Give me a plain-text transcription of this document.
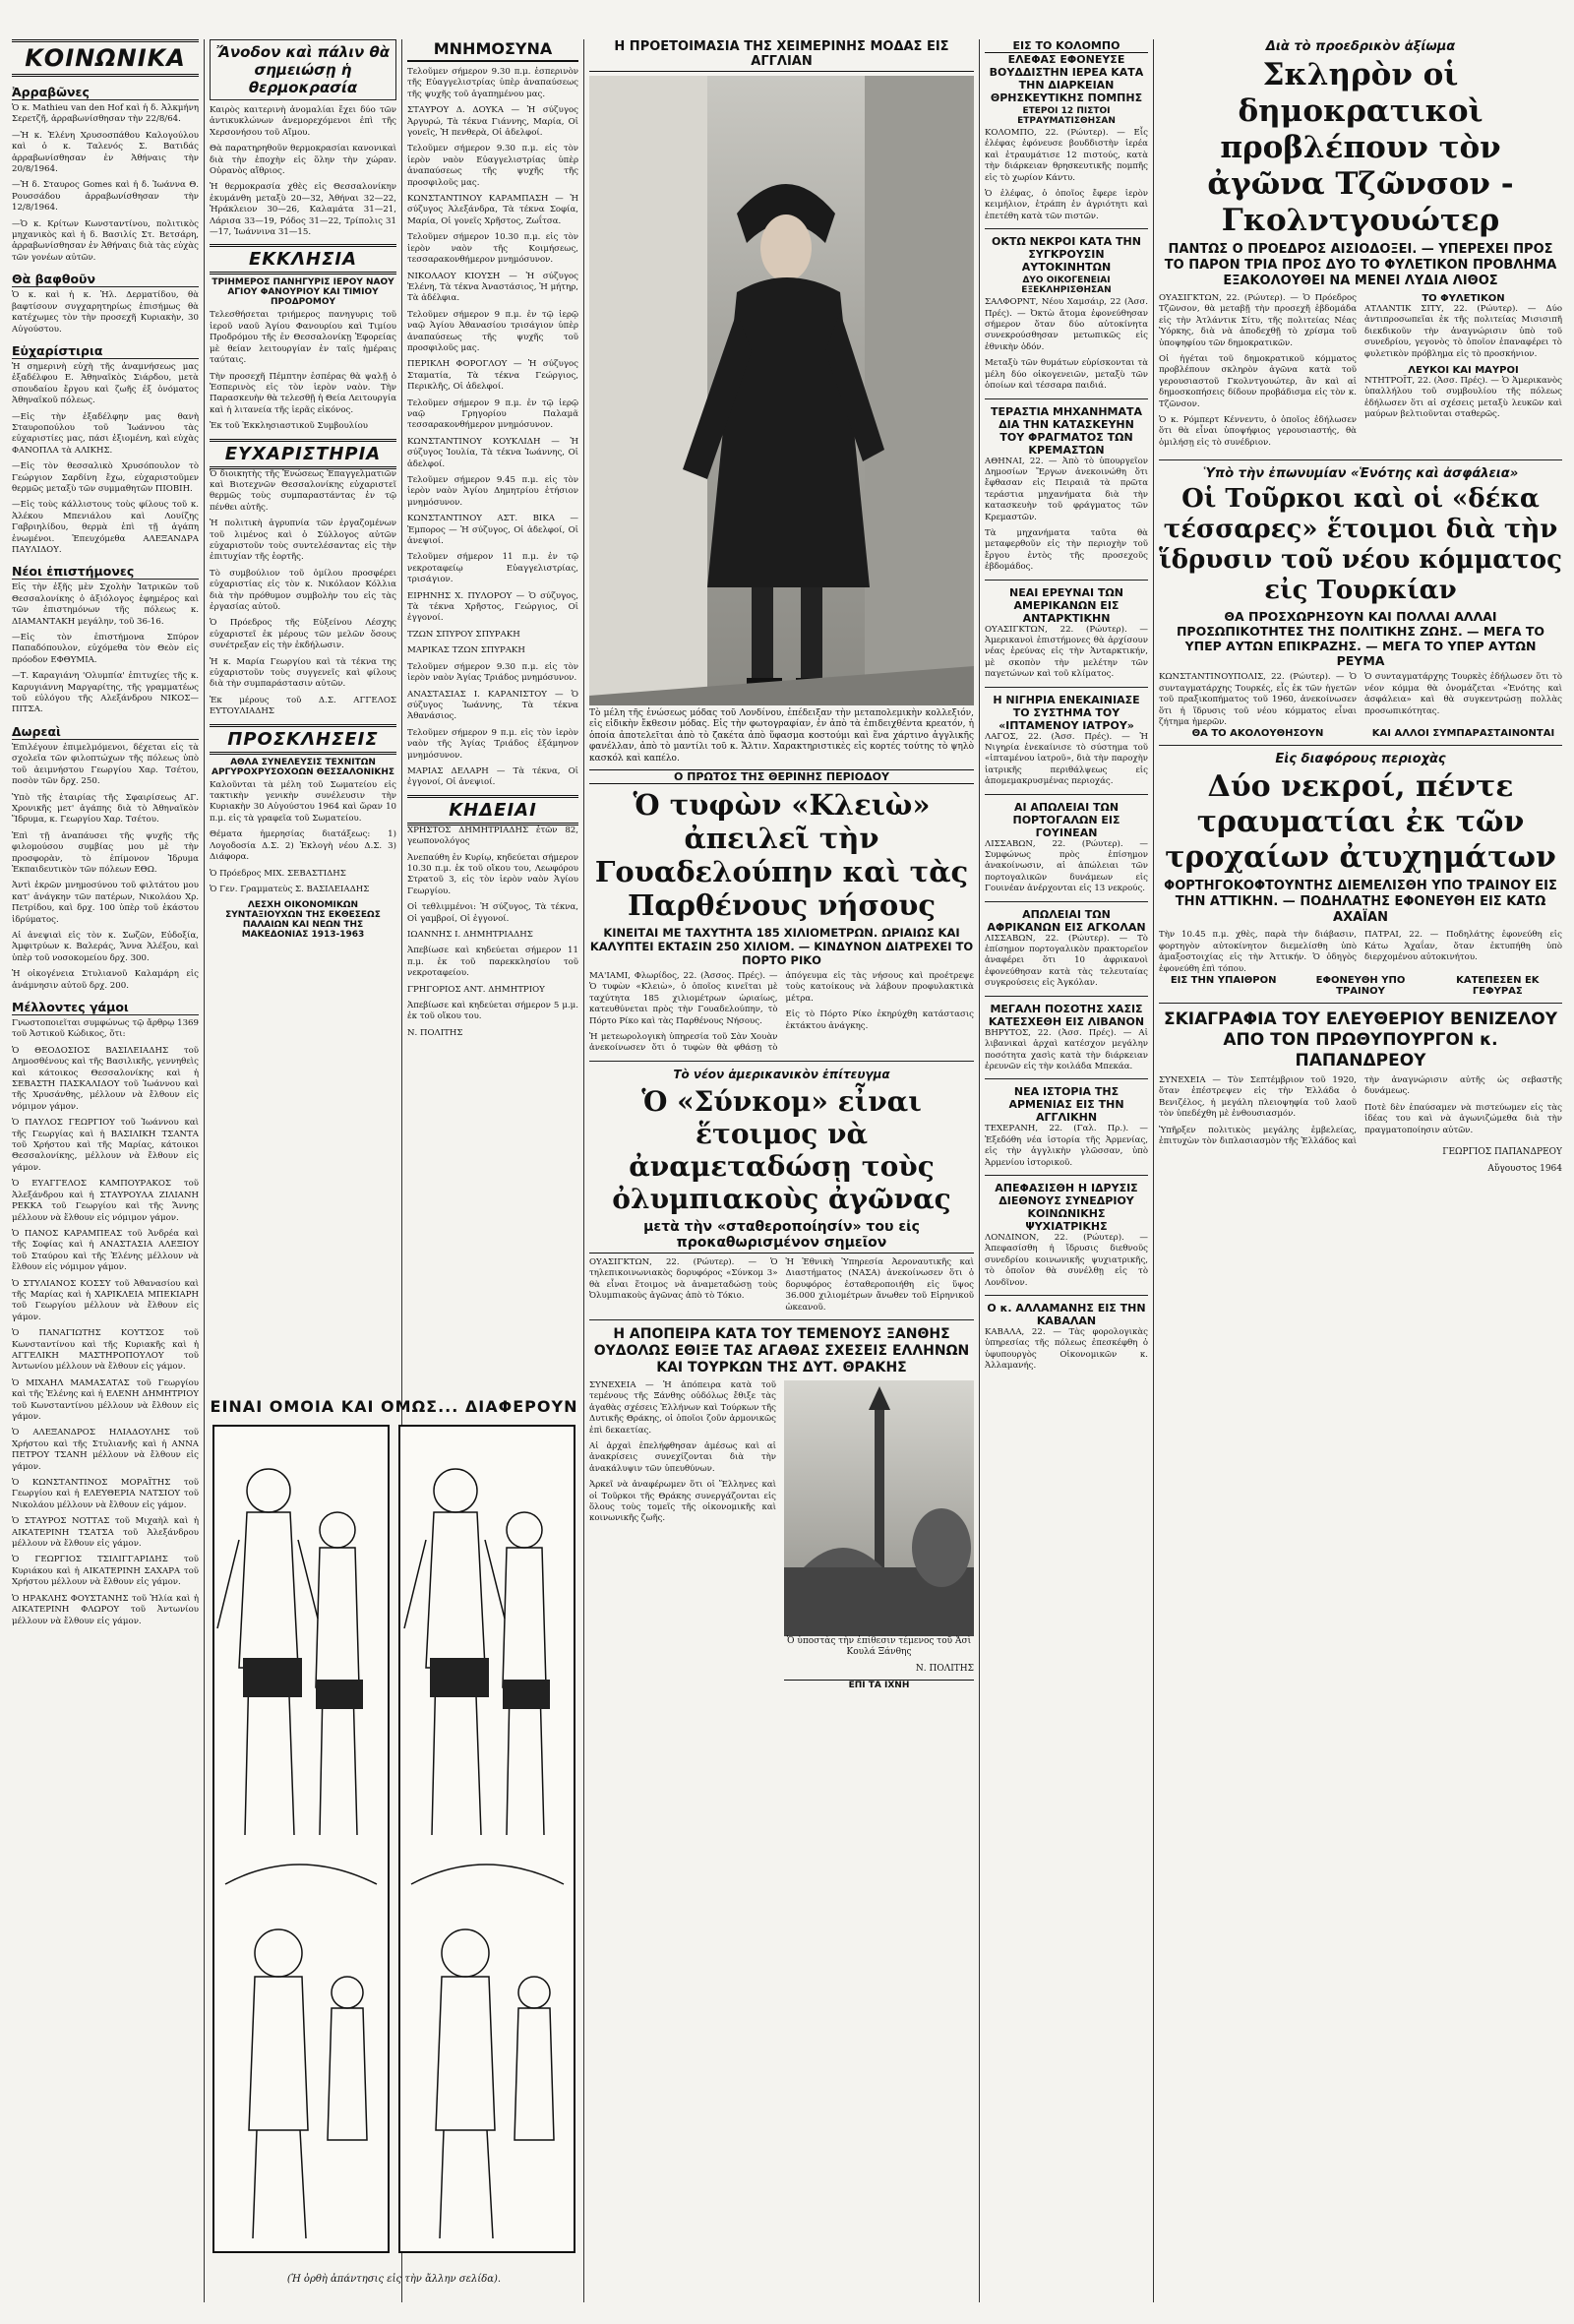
ΚΟΙΝΩΝΙΚΑ
Ἀρραβῶνες

Ὁ κ. Mathieu van den Hof καὶ ἡ δ. Ἀλκμήνη Σερετζῆ, ἀρραβωνίσθησαν τὴν 22/8/64.

—Ἡ κ. Ἑλένη Χρυσοσπάθου Καλογούλου καὶ ὁ κ. Ταλενός Σ. Βατιδάς ἀρραβωνίσθησαν ἐν Ἀθήναις τὴν 20/8/1964.

—Ἡ δ. Σταυρος Gomes καὶ ἡ δ. Ἰωάννα Θ. Ρουσσάδου ἀρραβωνίσθησαν τὴν 12/8/1964.

—Ὁ κ. Κρίτων Κωνσταντίνου, πολιτικὸς μηχανικὸς καὶ ἡ δ. Βασιλίς Στ. Βετσάρη, ἀρραβωνίσθησαν ἐν Ἀθήναις διὰ τὰς εὐχὰς τῶν γονέων αὐτῶν.

Θὰ βαφθοῦν

Ὁ κ. καὶ ἡ κ. Ἠλ. Δερματίδου, θὰ βαφτίσουν συγχαρητηρίως ἐπισήμως θὰ κατέχωμες τὸν τὴν προσεχῆ Κυριακὴν, 30 Αὐγούστου.

Εὐχαρίστιρια

Ἡ σημερινὴ εὐχὴ τῆς ἀναμνήσεως μας ἐξαδέλφου Ε. Ἀθηναϊκὸς Σιάρδου, μετὰ σπουδαίου ἔργου καὶ ζωῆς ἐξ ὀνόματος Ἀθηναϊκοῦ πόλεως.

—Εἰς τὴν ἐξαδέλφην μας θανὴ Σταυροπούλου τοῦ Ἰωάννου τὰς εὐχαριστίες μας, πάσι ἐξιομένη, καὶ εὐχὰς ΦΑΝΟΠΛΑ τὰ ΑΛΙΚΗΣ.

—Εἰς τὸν θεσσαλικὸ Χρυσόπουλον τὸ Γεώργιον Σαρδίνη ἔχω, εὐχαριστοῦμεν θερμῶς μεταξὺ τῶν συμμαθητῶν ΠΙΟΒΙΗ.

—Εἰς τοὺς κάλλιστους τοὺς φίλους τοῦ κ. Ἀλέκου Μπενιάλου καὶ Λουίζης Γαβριηλίδου, θερμὰ ἐπὶ τῇ ἀγάπη ἑνωμένοι. Ἐπευχόμεθα ΑΛΕΞΑΝΔΡΑ ΠΑΥΛΙΔΟΥ.

Νέοι ἐπιστήμονες

Εἰς τὴν ἐξῆς μὲν Σχολὴν Ἰατρικῶν τοῦ Θεσσαλονίκης ὁ ἀξιόλογος ἐφημέρος καὶ τῶν ἐπιστημόνων τῆς πόλεως κ. ΔΙΑΜΑΝΤΑΚΗ μεγάλην, τοῦ 36-16.

—Εἰς τὸν ἐπιστήμονα Σπύρον Παπαδόπουλον, εὐχόμεθα τὸν Θεὸν εἰς πρόοδον ΕΦΘΥΜΙΑ.

—Τ. Καραγιάνη 'Ολυμπία' ἐπιτυχίες τῆς κ. Καρυγιάννη Μαργαρίτης, τῆς γραμματέως τοῦ εὐλόγου τῆς Αλεξάνδρου ΝΙΚΟΣ—ΠΙΤΣΑ.

Δωρεαὶ

Ἐπιλέγουν ἐπιμελμόμενοι, δέχεται εἰς τὰ σχολεῖα τῶν φιλοπτώχων τῆς πόλεως ὑπὸ τοῦ ἀειμνήστου Γεωργίου Χαρ. Τσέτου, ποσὸν τῶν δρχ. 250.

Ὑπὸ τῆς ἑταιρίας τῆς Σφαιρίσεως ΑΓ. Χρονικῆς μετ' ἀγάπης διὰ τὸ Ἀθηναϊκὸν Ἵδρυμα, κ. Γεωργίου Χαρ. Τσέτου.

Ἐπὶ τῇ ἀναπάυσει τῆς ψυχῆς τῆς φιλομούσου συμβίας μου μὲ τὴν προσφορὰν, τὸ ἐπίμονον Ἰδρυμα Ἐκπαιδευτικὸν τῶν πόλεων ΕΘΩ.

Ἀντὶ ἐκρῶν μνημοσύνου τοῦ φιλτάτου μου κατ' ἀνάγκην τῶν πατέρων, Νικολάου Χρ. Πετρίδου, καὶ δρχ. 100 ὑπὲρ τοῦ ἑκάστου ἰδρύματος.

Αἱ ἀνεψιαὶ εἰς τὸν κ. Σωζῶν, Εὐδοξία, Ἀμφιτρύων κ. Βαλεράς, Ἄννα Ἀλέξου, καὶ ὑπὲρ τοῦ νοσοκομείου δρχ. 300.

Ἡ οἰκογένεια Στυλιανοῦ Καλαμάρη εἰς ἀνάμνησιν αὐτοῦ δρχ. 200.

Μέλλοντες γάμοι

Γνωστοποιεῖται συμφώνως τῷ ἄρθρῳ 1369 τοῦ Ἀστικοῦ Κώδικος, ὅτι:

Ὁ ΘΕΟΔΟΣΙΟΣ ΒΑΣΙΛΕΙΑΔΗΣ τοῦ Δημοσθένους καὶ τῆς Βασιλικῆς, γεννηθεὶς καὶ κάτοικος Θεσσαλονίκης καὶ ἡ ΣΕΒΑΣΤΗ ΠΑΣΚΑΛΙΔΟΥ τοῦ Ἰωάννου καὶ τῆς Χρυσάνθης, μέλλουν νὰ ἔλθουν εἰς νόμιμον γάμον.

Ὁ ΠΑΥΛΟΣ ΓΕΩΡΓΙΟΥ τοῦ Ἰωάννου καὶ τῆς Γεωργίας καὶ ἡ ΒΑΣΙΛΙΚΗ ΤΣΑΝΤΑ τοῦ Χρήστου καὶ τῆς Μαρίας, κάτοικοι Θεσσαλονίκης, μέλλουν νὰ ἔλθουν εἰς γάμον.

Ὁ ΕΥΑΓΓΕΛΟΣ ΚΑΜΠΟΥΡΑΚΟΣ τοῦ Ἀλεξάνδρου καὶ ἡ ΣΤΑΥΡΟΥΛΑ ΖΙΛΙΑΝΗ ΡΕΚΚΑ τοῦ Γεωργίου καὶ τῆς Ἄννης μέλλουν νὰ ἔλθουν εἰς νόμιμον γάμον.

Ὁ ΠΑΝΟΣ ΚΑΡΑΜΠΕΑΣ τοῦ Ἀνδρέα καὶ τῆς Σοφίας καὶ ἡ ΑΝΑΣΤΑΣΙΑ ΑΛΕΞΙΟΥ τοῦ Σταύρου καὶ τῆς Ἑλένης μέλλουν νὰ ἔλθουν εἰς νόμιμον γάμον.

Ὁ ΣΤΥΛΙΑΝΟΣ ΚΟΣΣΥ τοῦ Ἀθανασίου καὶ τῆς Μαρίας καὶ ἡ ΧΑΡΙΚΛΕΙΑ ΜΠΕΚΙΑΡΗ τοῦ Γεωργίου μέλλουν νὰ ἔλθουν εἰς γάμον.

Ὁ ΠΑΝΑΓΙΩΤΗΣ ΚΟΥΤΣΟΣ τοῦ Κωνσταντίνου καὶ τῆς Κυριακῆς καὶ ἡ ΑΓΓΕΛΙΚΗ ΜΑΣΤΗΡΟΠΟΥΛΟΥ τοῦ Ἀντωνίου μέλλουν νὰ ἔλθουν εἰς γάμον.

Ὁ ΜΙΧΑΗΛ ΜΑΜΑΣΑΤΑΣ τοῦ Γεωργίου καὶ τῆς Ἑλένης καὶ ἡ ΕΛΕΝΗ ΔΗΜΗΤΡΙΟΥ τοῦ Κωνσταντίνου μέλλουν νὰ ἔλθουν εἰς γάμον.

Ὁ ΑΛΕΞΑΝΔΡΟΣ ΗΛΙΑΔΟΥΛΗΣ τοῦ Χρήστου καὶ τῆς Στυλιανῆς καὶ ἡ ΑΝΝΑ ΠΕΤΡΟΥ ΤΣΑΝΗ μέλλουν νὰ ἔλθουν εἰς γάμον.

Ὁ ΚΩΝΣΤΑΝΤΙΝΟΣ ΜΟΡΑΪΤΗΣ τοῦ Γεωργίου καὶ ἡ ΕΛΕΥΘΕΡΙΑ ΝΑΤΣΙΟΥ τοῦ Νικολάου μέλλουν νὰ ἔλθουν εἰς γάμον.

Ὁ ΣΤΑΥΡΟΣ ΝΟΤΤΑΣ τοῦ Μιχαὴλ καὶ ἡ ΑΙΚΑΤΕΡΙΝΗ ΤΣΑΤΣΑ τοῦ Ἀλεξάνδρου μέλλουν νὰ ἔλθουν εἰς γάμον.

Ὁ ΓΕΩΡΓΙΟΣ ΤΣΙΛΙΓΓΑΡΙΔΗΣ τοῦ Κυριάκου καὶ ἡ ΑΙΚΑΤΕΡΙΝΗ ΣΑΧΑΡΑ τοῦ Χρήστου μέλλουν νὰ ἔλθουν εἰς γάμον.

Ὁ ΗΡΑΚΛΗΣ ΦΟΥΣΤΑΝΗΣ τοῦ Ἠλία καὶ ἡ ΑΙΚΑΤΕΡΙΝΗ ΦΛΩΡΟΥ τοῦ Ἀντωνίου μέλλουν νὰ ἔλθουν εἰς γάμον.

Ἄνοδον καὶ πάλιν θὰ σημειώσῃ ἡ θερμοκρασία

Καιρὸς καιτερινὴ ἀνομαλίαι ἔχει δύο τῶν ἀντικυκλώνων ἀνεμορεχόμενοι ἐπὶ τῆς Χερσονήσου τοῦ Αἴμου.

Θὰ παρατηρηθοῦν θερμοκρασίαι κανονικαὶ διὰ τὴν ἐποχὴν εἰς ὅλην τὴν χώραν. Οὐρανὸς αἴθριος.

Ἡ θερμοκρασία χθὲς εἰς Θεσσαλονίκην ἐκυμάνθη μεταξὺ 20—32, Ἀθήναι 32—22, Ἡράκλειον 30—26, Καλαμάτα 31—21, Λάρισα 33—19, Ρόδος 31—22, Τρίπολις 31—17, Ἰωάννινα 31—15.

ΕΚΚΛΗΣΙΑ
ΤΡΙΗΜΕΡΟΣ ΠΑΝΗΓΥΡΙΣ ΙΕΡΟΥ ΝΑΟΥ ΑΓΙΟΥ ΦΑΝΟΥΡΙΟΥ ΚΑΙ ΤΙΜΙΟΥ ΠΡΟΔΡΟΜΟΥ

Τελεσθήσεται τριήμερος πανηγυρις τοῦ ἱεροῦ ναοῦ Ἁγίου Φανουρίου καὶ Τιμίου Προδρόμου τῆς ἐν Θεσσαλονίκῃ Ἐφορείας μὲ θείαν λειτουργίαν ἐν ταῖς ἡμέραις ταύταις.

Τὴν προσεχῆ Πέμπτην ἑσπέρας θὰ ψαλῇ ὁ Ἑσπερινὸς εἰς τὸν ἱερὸν ναὸν. Τὴν Παρασκευὴν θὰ τελεσθῇ ἡ Θεία Λειτουργία καὶ ἡ λιτανεία τῆς ἱερᾶς εἰκόνος.

Ἐκ τοῦ Ἐκκλησιαστικοῦ Συμβουλίου

ΕΥΧΑΡΙΣΤΗΡΙΑ

Ὁ διοικητὴς τῆς Ἐνώσεως Ἐπαγγελματιῶν καὶ Βιοτεχνῶν Θεσσαλονίκης εὐχαριστεῖ θερμῶς τοὺς συμπαραστάντας ἐν τῷ πένθει αὐτῆς.

Ἡ πολιτικὴ ἀγρυπνία τῶν ἐργαζομένων τοῦ λιμένος καὶ ὁ Σύλλογος αὐτῶν εὐχαριστοῦν τοὺς συντελέσαντας εἰς τὴν ἐπιτυχίαν τῆς ἑορτῆς.

Τὸ συμβούλιον τοῦ ὁμίλου προσφέρει εὐχαριστίας εἰς τὸν κ. Νικόλαον Κόλλια διὰ τὴν πρόθυμον συμβολὴν του εἰς τὰς ἐργασίας αὐτοῦ.

Ὁ Πρόεδρος τῆς Εὐξείνου Λέσχης εὐχαριστεῖ ἐκ μέρους τῶν μελῶν ὅσους συνέτρεξαν εἰς τὴν ἐκδήλωσιν.

Ἡ κ. Μαρία Γεωργίου καὶ τὰ τέκνα της εὐχαριστοῦν τοὺς συγγενεῖς καὶ φίλους διὰ τὴν συμπαράστασιν αὐτῶν.

Ἐκ μέρους τοῦ Δ.Σ. ΑΓΓΕΛΟΣ ΕΥΤΟΥΛΙΑΔΗΣ

ΠΡΟΣΚΛΗΣΕΙΣ
ΑΘΛΑ ΣΥΝΕΛΕΥΣΙΣ ΤΕΧΝΙΤΩΝ ΑΡΓΥΡΟΧΡΥΣΟΧΟΩΝ ΘΕΣΣΑΛΟΝΙΚΗΣ

Καλοῦνται τὰ μέλη τοῦ Σωματείου εἰς τακτικὴν γενικὴν συνέλευσιν τὴν Κυριακὴν 30 Αὐγούστου 1964 καὶ ὥραν 10 π.μ. εἰς τὰ γραφεῖα τοῦ Σωματείου.

Θέματα ἡμερησίας διατάξεως: 1) Λογοδοσία Δ.Σ. 2) Ἐκλογὴ νέου Δ.Σ. 3) Διάφορα.

Ὁ Πρόεδρος ΜΙΧ. ΣΕΒΑΣΤΙΔΗΣ

Ὁ Γεν. Γραμματεὺς Σ. ΒΑΣΙΛΕΙΑΔΗΣ

ΛΕΣΧΗ ΟΙΚΟΝΟΜΙΚΩΝ ΣΥΝΤΑΞΙΟΥΧΩΝ ΤΗΣ ΕΚΘΕΣΕΩΣ ΠΑΛΑΙΩΝ ΚΑΙ ΝΕΩΝ ΤΗΣ ΜΑΚΕΔΟΝΙΑΣ 1913-1963
ΜΝΗΜΟΣΥΝΑ

Τελοῦμεν σήμερον 9.30 π.μ. ἑσπερινὸν τῆς Εὐαγγελιστρίας ὑπὲρ ἀναπαύσεως τῆς ψυχῆς τοῦ ἀγαπημένου μας.

ΣΤΑΥΡΟΥ Δ. ΔΟΥΚΑ — Ἡ σύζυγος Ἀργυρώ, Τὰ τέκνα Γιάννης, Μαρία, Οἱ γονεῖς, Ἡ πενθερὰ, Οἱ ἀδελφοί.

Τελοῦμεν σήμερον 9.30 π.μ. εἰς τὸν ἱερὸν ναὸν Εὐαγγελιστρίας ὑπὲρ ἀναπαύσεως τῆς ψυχῆς τῆς προσφιλοῦς μας.

ΚΩΝΣΤΑΝΤΙΝΟΥ ΚΑΡΑΜΠΑΣΗ — Ἡ σύζυγος Ἀλεξάνδρα, Τὰ τέκνα Σοφία, Μαρία, Οἱ γονεῖς Χρῆστος, Ζωΐτσα.

Τελοῦμεν σήμερον 10.30 π.μ. εἰς τὸν ἱερὸν ναὸν τῆς Κοιμήσεως, τεσσαρακονθήμερον μνημόσυνον.

ΝΙΚΟΛΑΟΥ ΚΙΟΥΣΗ — Ἡ σύζυγος Ἑλένη, Τὰ τέκνα Ἀναστάσιος, Ἡ μήτηρ, Τὰ ἀδέλφια.

Τελοῦμεν σήμερον 9 π.μ. ἐν τῷ ἱερῷ ναῷ Ἁγίου Ἀθανασίου τρισάγιον ὑπὲρ ἀναπαύσεως τῆς ψυχῆς τοῦ προσφιλοῦς μας.

ΠΕΡΙΚΛΗ ΦΟΡΟΓΛΟΥ — Ἡ σύζυγος Σταματία, Τὰ τέκνα Γεώργιος, Περικλῆς, Οἱ ἀδελφοί.

Τελοῦμεν σήμερον 9 π.μ. ἐν τῷ ἱερῷ ναῷ Γρηγορίου Παλαμᾶ τεσσαρακονθήμερον μνημόσυνον.

ΚΩΝΣΤΑΝΤΙΝΟΥ ΚΟΥΚΛΙΔΗ — Ἡ σύζυγος Ἰουλία, Τὰ τέκνα Ἰωάννης, Οἱ ἀδελφοί.

Τελοῦμεν σήμερον 9.45 π.μ. εἰς τὸν ἱερὸν ναὸν Ἁγίου Δημητρίου ἐτήσιον μνημόσυνον.

ΚΩΝΣΤΑΝΤΙΝΟΥ ΑΣΤ. ΒΙΚΑ — Ἐμπορος — Ἡ σύζυγος, Οἱ ἀδελφοί, Οἱ ἀνεψιοί.

Τελοῦμεν σήμερον 11 π.μ. ἐν τῷ νεκροταφείῳ Εὐαγγελιστρίας, τρισάγιον.

ΕΙΡΗΝΗΣ Χ. ΠΥΛΟΡΟΥ — Ὁ σύζυγος, Τὰ τέκνα Χρῆστος, Γεώργιος, Οἱ ἐγγονοί.

ΤΖΩΝ ΣΠΥΡΟΥ ΣΠΥΡΑΚΗ

ΜΑΡΙΚΑΣ ΤΖΩΝ ΣΠΥΡΑΚΗ

Τελοῦμεν σήμερον 9.30 π.μ. εἰς τὸν ἱερὸν ναὸν Ἁγίας Τριάδος μνημόσυνον.

ΑΝΑΣΤΑΣΙΑΣ Ι. ΚΑΡΑΝΙΣΤΟΥ — Ὁ σύζυγος Ἰωάννης, Τὰ τέκνα Ἀθανάσιος.

Τελοῦμεν σήμερον 9 π.μ. εἰς τὸν ἱερὸν ναὸν τῆς Ἁγίας Τριάδος ἐξάμηνον μνημόσυνον.

ΜΑΡΙΑΣ ΔΕΛΑΡΗ — Τὰ τέκνα, Οἱ ἐγγονοί, Οἱ ἀνεψιοί.

ΚΗΔΕΙΑΙ

ΧΡΗΣΤΟΣ ΔΗΜΗΤΡΙΑΔΗΣ ἐτῶν 82, γεωπονολόγος

Ἀνεπαύθη ἐν Κυρίῳ, κηδεύεται σήμερον 10.30 π.μ. ἐκ τοῦ οἴκου του, Λεωφόρου Στρατοῦ 3, εἰς τὸν ἱερὸν ναὸν Ἁγίου Γεωργίου.

Οἱ τεθλιμμένοι: Ἡ σύζυγος, Τὰ τέκνα, Οἱ γαμβροί, Οἱ ἐγγονοί.

ΙΩΑΝΝΗΣ Ι. ΔΗΜΗΤΡΙΑΔΗΣ

Ἀπεβίωσε καὶ κηδεύεται σήμερον 11 π.μ. ἐκ τοῦ παρεκκλησίου τοῦ νεκροταφείου.

ΓΡΗΓΟΡΙΟΣ ΑΝΤ. ΔΗΜΗΤΡΙΟΥ

Ἀπεβίωσε καὶ κηδεύεται σήμερον 5 μ.μ. ἐκ τοῦ οἴκου του.

Ν. ΠΟΛΙΤΗΣ

ΕΙΝΑΙ ΟΜΟΙΑ ΚΑΙ ΟΜΩΣ... ΔΙΑΦΕΡΟΥΝ
(Ἡ ὀρθὴ ἀπάντησις εἰς τὴν ἄλλην σελίδα).
Η ΠΡΟΕΤΟΙΜΑΣΙΑ ΤΗΣ ΧΕΙΜΕΡΙΝΗΣ ΜΟΔΑΣ ΕΙΣ ΑΓΓΛΙΑΝ

Τὸ μέλη τῆς ἑνώσεως μόδας τοῦ Λονδίνου, ἐπέδειξαν τὴν μεταπολεμικὴν κολλεξιόν, εἰς εἰδικὴν ἔκθεσιν μόδας. Εἰς τὴν φωτογραφίαν, ἐν ἀπὸ τὰ ἐπιδειχθέντα κρεατόν, ἡ ὁποία ἀποτελεῖται ἀπὸ τὸ ζακέτα ἀπὸ ὕφασμα κοστούμι καὶ ἕνα χάρτινο ἀγγλικῆς φανέλλαν, ἀπὸ τὸ μαντίλι τοῦ κ. Ἄλτιν. Χαρακτηριστικὲς εἰς κορτές τούτης τὸ ψηλὸ κασκόλ καὶ καπέλο.

Ο ΠΡΩΤΟΣ ΤΗΣ ΘΕΡΙΝΗΣ ΠΕΡΙΟΔΟΥ
Ὁ τυφὼν «Κλειὼ» ἀπειλεῖ τὴν Γουαδελούπην καὶ τὰς Παρθένους νήσους
ΚΙΝΕΙΤΑΙ ΜΕ ΤΑΧΥΤΗΤΑ 185 ΧΙΛΙΟΜΕΤΡΩΝ. ΩΡΙΑΙΩΣ ΚΑΙ ΚΑΛΥΠΤΕΙ ΕΚΤΑΣΙΝ 250 ΧΙΛΙΟΜ. — ΚΙΝΔΥΝΟΝ ΔΙΑΤΡΕΧΕΙ ΤΟ ΠΟΡΤΟ ΡΙΚΟ

ΜΑ'ΙΑΜΙ, Φλωρίδος, 22. (Ἀσσος. Πρές). — Ὁ τυφὼν «Κλειὼ», ὁ ὁποῖος κινεῖται μὲ ταχύτητα 185 χιλιομέτρων ὡριαίως, κατευθύνεται πρὸς τὴν Γουαδελούπην, τὸ Πόρτο Ρίκο καὶ τὰς Παρθένους Νήσους.

Ἡ μετεωρολογικὴ ὑπηρεσία τοῦ Σὰν Χουὰν ἀνεκοίνωσεν ὅτι ὁ τυφὼν θὰ φθάσῃ τὸ ἀπόγευμα εἰς τὰς νήσους καὶ προέτρεψε τοὺς κατοίκους νὰ λάβουν προφυλακτικὰ μέτρα.

Εἰς τὸ Πόρτο Ρίκο ἐκηρύχθη κατάστασις ἐκτάκτου ἀνάγκης.

Τὸ νέον ἀμερικανικὸν ἐπίτευγμα
Ὁ «Σύνκομ» εἶναι ἕτοιμος νὰ ἀναμεταδώσῃ τοὺς ὀλυμπιακοὺς ἀγῶνας
μετὰ τὴν «σταθεροποίησίν» του εἰς προκαθωρισμένον σημεῖον

ΟΥΑΣΙΓΚΤΩΝ, 22. (Ρώυτερ). — Ὁ τηλεπικοινωνιακὸς δορυφόρος «Σύνκομ 3» θὰ εἶναι ἕτοιμος νὰ ἀναμεταδώσῃ τοὺς Ὀλυμπιακοὺς ἀγῶνας ἀπὸ τὸ Τόκιο.

Ἡ Ἐθνικὴ Ὑπηρεσία Ἀεροναυτικῆς καὶ Διαστήματος (ΝΑΣΑ) ἀνεκοίνωσεν ὅτι ὁ δορυφόρος ἐσταθεροποιήθη εἰς ὕψος 36.000 χιλιομέτρων ἄνωθεν τοῦ Εἰρηνικοῦ ὠκεανοῦ.

Η ΑΠΟΠΕΙΡΑ ΚΑΤΑ ΤΟΥ ΤΕΜΕΝΟΥΣ ΞΑΝΘΗΣ ΟΥΔΟΛΩΣ ΕΘΙΞΕ ΤΑΣ ΑΓΑΘΑΣ ΣΧΕΣΕΙΣ ΕΛΛΗΝΩΝ ΚΑΙ ΤΟΥΡΚΩΝ ΤΗΣ ΔΥΤ. ΘΡΑΚΗΣ

ΣΥΝΕΧΕΙΑ — Ἡ ἀπόπειρα κατὰ τοῦ τεμένους τῆς Ξάνθης οὐδόλως ἔθιξε τὰς ἀγαθὰς σχέσεις Ἑλλήνων καὶ Τούρκων τῆς Δυτικῆς Θράκης, οἱ ὁποῖοι ζοῦν ἀρμονικῶς ἐπὶ δεκαετίας.

Αἱ ἀρχαὶ ἐπελήφθησαν ἀμέσως καὶ αἱ ἀνακρίσεις συνεχίζονται διὰ τὴν ἀνακάλυψιν τῶν ὑπευθύνων.

Ἀρκεῖ νὰ ἀναφέρωμεν ὅτι οἱ Ἕλληνες καὶ οἱ Τοῦρκοι τῆς Θράκης συνεργάζονται εἰς ὅλους τοὺς τομεῖς τῆς οἰκονομικῆς καὶ κοινωνικῆς ζωῆς.

Ὁ ὑποστὰς τὴν ἐπίθεσιν τέμενος τοῦ Ἀσὶ Κουλά Ξάνθης

Ν. ΠΟΛΙΤΗΣ

ΕΠΙ ΤΑ ΙΧΝΗ
ΕΙΣ ΤΟ ΚΟΛΟΜΠΟ
ΕΛΕΦΑΣ ΕΦΟΝΕΥΣΕ ΒΟΥΔΔΙΣΤΗΝ ΙΕΡΕΑ ΚΑΤΑ ΤΗΝ ΔΙΑΡΚΕΙΑΝ ΘΡΗΣΚΕΥΤΙΚΗΣ ΠΟΜΠΗΣ
ΕΤΕΡΟΙ 12 ΠΙΣΤΟΙ ΕΤΡΑΥΜΑΤΙΣΘΗΣΑΝ

ΚΟΛΟΜΠΟ, 22. (Ρώυτερ). — Εἷς ἐλέφας ἐφόνευσε βουδδιστὴν ἱερέα καὶ ἐτραυμάτισε 12 πιστούς, κατὰ τὴν διάρκειαν θρησκευτικῆς πομπῆς εἰς τὸ χωρίον Κάντυ.

Ὁ ἐλέφας, ὁ ὁποῖος ἔφερε ἱερὸν κειμήλιον, ἐτράπη ἐν ἀγριότητι καὶ ἐπετέθη κατὰ τῶν πιστῶν.

ΟΚΤΩ ΝΕΚΡΟΙ ΚΑΤΑ ΤΗΝ ΣΥΓΚΡΟΥΣΙΝ ΑΥΤΟΚΙΝΗΤΩΝ
ΔΥΟ ΟΙΚΟΓΕΝΕΙΑΙ ΕΞΕΚΛΗΡΙΣΘΗΣΑΝ

ΣΑΛΦΟΡΝΤ, Νέου Χαμσάιρ, 22 (Ἀσσ. Πρές). — Ὀκτὼ ἄτομα ἐφονεύθησαν σήμερον ὅταν δύο αὐτοκίνητα συνεκρούσθησαν μετωπικῶς εἰς ἐθνικὴν ὁδόν.

Μεταξὺ τῶν θυμάτων εὑρίσκονται τὰ μέλη δύο οἰκογενειῶν, μεταξὺ τῶν ὁποίων καὶ τέσσαρα παιδιά.

ΤΕΡΑΣΤΙΑ ΜΗΧΑΝΗΜΑΤΑ ΔΙΑ ΤΗΝ ΚΑΤΑΣΚΕΥΗΝ ΤΟΥ ΦΡΑΓΜΑΤΟΣ ΤΩΝ ΚΡΕΜΑΣΤΩΝ

ΑΘΗΝΑΙ, 22. — Ἀπὸ τὸ ὑπουργεῖον Δημοσίων Ἔργων ἀνεκοινώθη ὅτι ἔφθασαν εἰς Πειραιᾶ τὰ πρῶτα τεράστια μηχανήματα διὰ τὴν κατασκευὴν τοῦ φράγματος τῶν Κρεμαστῶν.

Τὰ μηχανήματα ταῦτα θὰ μεταφερθοῦν εἰς τὴν περιοχὴν τοῦ ἔργου ἐντὸς τῆς προσεχοῦς ἑβδομάδος.

ΝΕΑΙ ΕΡΕΥΝΑΙ ΤΩΝ ΑΜΕΡΙΚΑΝΩΝ ΕΙΣ ΑΝΤΑΡΚΤΙΚΗΝ

ΟΥΑΣΙΓΚΤΩΝ, 22. (Ρώυτερ). — Ἀμερικανοὶ ἐπιστήμονες θὰ ἀρχίσουν νέας ἐρεύνας εἰς τὴν Ἀνταρκτικήν, μὲ σκοπὸν τὴν μελέτην τῶν παγετώνων καὶ τοῦ κλίματος.

Η ΝΙΓΗΡΙΑ ΕΝΕΚΑΙΝΙΑΣΕ ΤΟ ΣΥΣΤΗΜΑ ΤΟΥ «ΙΠΤΑΜΕΝΟΥ ΙΑΤΡΟΥ»

ΛΑΓΟΣ, 22. (Ἀσσ. Πρές). — Ἡ Νιγηρία ἐνεκαίνισε τὸ σύστημα τοῦ «ἱπταμένου ἰατροῦ», διὰ τὴν παροχὴν ἰατρικῆς περιθάλψεως εἰς ἀπομεμακρυσμένας περιοχάς.

ΑΙ ΑΠΩΛΕΙΑΙ ΤΩΝ ΠΟΡΤΟΓΑΛΩΝ ΕΙΣ ΓΟΥΙΝΕΑΝ

ΛΙΣΣΑΒΩΝ, 22. (Ρώυτερ). — Συμφώνως πρὸς ἐπίσημον ἀνακοίνωσιν, αἱ ἀπώλειαι τῶν πορτογαλικῶν δυνάμεων εἰς Γουινέαν ἀνέρχονται εἰς 13 νεκρούς.

ΑΠΩΛΕΙΑΙ ΤΩΝ ΑΦΡΙΚΑΝΩΝ ΕΙΣ ΑΓΚΟΛΑΝ

ΛΙΣΣΑΒΩΝ, 22. (Ρώυτερ). — Τὸ ἐπίσημον πορτογαλικὸν πρακτορεῖον ἀναφέρει ὅτι 10 ἀφρικανοὶ ἐφονεύθησαν κατὰ τὰς τελευταίας συγκρούσεις εἰς Ἀγκόλαν.

ΜΕΓΑΛΗ ΠΟΣΟΤΗΣ ΧΑΣΙΣ ΚΑΤΕΣΧΕΘΗ ΕΙΣ ΛΙΒΑΝΟΝ

ΒΗΡΥΤΟΣ, 22. (Ἀσσ. Πρές). — Αἱ λιβανικαὶ ἀρχαὶ κατέσχον μεγάλην ποσότητα χασὶς κατὰ τὴν διάρκειαν ἐρευνῶν εἰς τὴν κοιλάδα Μπεκάα.

ΝΕΑ ΙΣΤΟΡΙΑ ΤΗΣ ΑΡΜΕΝΙΑΣ ΕΙΣ ΤΗΝ ΑΓΓΛΙΚΗΝ

ΤΕΧΕΡΑΝΗ, 22. (Γαλ. Πρ.). — Ἐξεδόθη νέα ἱστορία τῆς Ἀρμενίας, εἰς τὴν ἀγγλικὴν γλῶσσαν, ὑπὸ Ἀρμενίου ἱστορικοῦ.

ΑΠΕΦΑΣΙΣΘΗ Η ΙΔΡΥΣΙΣ ΔΙΕΘΝΟΥΣ ΣΥΝΕΔΡΙΟΥ ΚΟΙΝΩΝΙΚΗΣ ΨΥΧΙΑΤΡΙΚΗΣ

ΛΟΝΔΙΝΟΝ, 22. (Ρώυτερ). — Ἀπεφασίσθη ἡ ἵδρυσις διεθνοῦς συνεδρίου κοινωνικῆς ψυχιατρικῆς, τὸ ὁποῖον θὰ συνέλθῃ εἰς τὸ Λονδῖνον.

Ο κ. ΑΛΛΑΜΑΝΗΣ ΕΙΣ ΤΗΝ ΚΑΒΑΛΑΝ

ΚΑΒΑΛΑ, 22. — Τὰς φορολογικὰς ὑπηρεσίας τῆς πόλεως ἐπεσκέφθη ὁ ὑφυπουργὸς Οἰκονομικῶν κ. Ἀλλαμανής.

Διὰ τὸ προεδρικὸν ἀξίωμα
Σκληρὸν οἱ δημοκρατικοὶ προβλέπουν τὸν ἀγῶνα Τζῶνσον - Γκολντγουώτερ
ΠΑΝΤΩΣ Ο ΠΡΟΕΔΡΟΣ ΑΙΣΙΟΔΟΞΕΙ. — ΥΠΕΡΕΧΕΙ ΠΡΟΣ ΤΟ ΠΑΡΟΝ ΤΡΙΑ ΠΡΟΣ ΔΥΟ ΤΟ ΦΥΛΕΤΙΚΟΝ ΠΡΟΒΛΗΜΑ ΕΞΑΚΟΛΟΥΘΕΙ ΝΑ ΜΕΝΕΙ ΛΥΔΙΑ ΛΙΘΟΣ

ΟΥΑΣΙΓΚΤΩΝ, 22. (Ρώυτερ). — Ὁ Πρόεδρος Τζῶνσον, θὰ μεταβῇ τὴν προσεχῆ ἑβδομάδα εἰς τὴν Ἀτλάντικ Σίτυ, τῆς πολιτείας Νέας Ὑόρκης, διὰ νὰ ἀποδεχθῇ τὸ χρίσμα τοῦ ὑποψηφίου τῶν δημοκρατικῶν.

Οἱ ἡγέται τοῦ δημοκρατικοῦ κόμματος προβλέπουν σκληρὸν ἀγῶνα κατὰ τοῦ γερουσιαστοῦ Γκολντγουώτερ, ἂν καὶ αἱ δημοσκοπήσεις δίδουν προβάδισμα εἰς τὸν κ. Τζῶνσον.

Ὁ κ. Ρόμπερτ Κέννεντυ, ὁ ὁποῖος ἐδήλωσεν ὅτι θὰ εἶναι ὑποψήφιος γερουσιαστής, θὰ ὁμιλήσῃ εἰς τὸ συνέδριον.

ΤΟ ΦΥΛΕΤΙΚΟΝ

ΑΤΛΑΝΤΙΚ ΣΙΤΥ, 22. (Ρώυτερ). — Δύο ἀντιπροσωπεῖαι ἐκ τῆς πολιτείας Μισισιπῆ διεκδικοῦν τὴν ἀναγνώρισιν ὑπὸ τοῦ συνεδρίου, γεγονὸς τὸ ὁποῖον ἐπαναφέρει τὸ φυλετικὸν πρόβλημα εἰς τὸ προσκήνιον.

ΛΕΥΚΟΙ ΚΑΙ ΜΑΥΡΟΙ

ΝΤΗΤΡΟΪΤ, 22. (Ἀσσ. Πρές). — Ὁ Ἀμερικανὸς ὑπαλλήλου τοῦ συμβουλίου τῆς πόλεως ἐδήλωσεν ὅτι αἱ σχέσεις μεταξὺ λευκῶν καὶ μαύρων βελτιοῦνται σταθερῶς.

Ὑπὸ τὴν ἐπωνυμίαν «Ἑνότης καὶ ἀσφάλεια»
Οἱ Τοῦρκοι καὶ οἱ «δέκα τέσσαρες» ἕτοιμοι διὰ τὴν ἵδρυσιν τοῦ νέου κόμματος εἰς Τουρκίαν
ΘΑ ΠΡΟΣΧΩΡΗΣΟΥΝ ΚΑΙ ΠΟΛΛΑΙ ΑΛΛΑΙ ΠΡΟΣΩΠΙΚΟΤΗΤΕΣ ΤΗΣ ΠΟΛΙΤΙΚΗΣ ΖΩΗΣ. — ΜΕΓΑ ΤΟ ΥΠΕΡ ΑΥΤΩΝ ΕΠΙΚΡΑΖΗΣ. — ΜΕΓΑ ΤΟ ΥΠΕΡ ΑΥΤΩΝ ΡΕΥΜΑ

ΚΩΝΣΤΑΝΤΙΝΟΥΠΟΛΙΣ, 22. (Ρώυτερ). — Ὁ συνταγματάρχης Τουρκές, εἷς ἐκ τῶν ἡγετῶν τοῦ πραξικοπήματος τοῦ 1960, ἀνεκοίνωσεν ὅτι ἡ ἵδρυσις τοῦ νέου κόμματος εἶναι ζήτημα ἡμερῶν.

Ὁ συνταγματάρχης Τουρκὲς ἐδήλωσεν ὅτι τὸ νέον κόμμα θὰ ὀνομάζεται «Ἑνότης καὶ ἀσφάλεια» καὶ θὰ συγκεντρώσῃ πολλὰς προσωπικότητας.

ΘΑ ΤΟ ΑΚΟΛΟΥΘΗΣΟΥΝ	ΚΑΙ ΑΛΛΟΙ ΣΥΜΠΑΡΑΣΤΑΙΝΟΝΤΑΙ
Εἰς διαφόρους περιοχὰς
Δύο νεκροί, πέντε τραυματίαι ἐκ τῶν τροχαίων ἀτυχημάτων
ΦΟΡΤΗΓΟΚΟΦΤΟΥΝΤΗΣ ΔΙΕΜΕΛΙΣΘΗ ΥΠΟ ΤΡΑΙΝΟΥ ΕΙΣ ΤΗΝ ΑΤΤΙΚΗΝ. — ΠΟΔΗΛΑΤΗΣ ΕΦΟΝΕΥΘΗ ΕΙΣ ΚΑΤΩ ΑΧΑΪΑΝ

Τὴν 10.45 π.μ. χθὲς, παρὰ τὴν διάβασιν, φορτηγὸν αὐτοκίνητον διεμελίσθη ὑπὸ ἀμαξοστοιχίας εἰς τὴν Ἀττικήν. Ὁ ὁδηγὸς ἐφονεύθη ἐπὶ τόπου.

ΠΑΤΡΑΙ, 22. — Ποδηλάτης ἐφονεύθη εἰς Κάτω Ἀχαΐαν, ὅταν ἐκτυπήθη ὑπὸ διερχομένου αὐτοκινήτου.

ΕΙΣ ΤΗΝ ΥΠΑΙΘΡΟΝ	ΕΦΟΝΕΥΘΗ ΥΠΟ ΤΡΑΙΝΟΥ
ΚΑΤΕΠΕΣΕΝ ΕΚ ΓΕΦΥΡΑΣ
ΣΚΙΑΓΡΑΦΙΑ ΤΟΥ ΕΛΕΥΘΕΡΙΟΥ ΒΕΝΙΖΕΛΟΥ ΑΠΟ ΤΟΝ ΠΡΩΘΥΠΟΥΡΓΟΝ κ. ΠΑΠΑΝΔΡΕΟΥ

ΣΥΝΕΧΕΙΑ — Τὸν Σεπτέμβριον τοῦ 1920, ὅταν ἐπέστρεψεν εἰς τὴν Ἑλλάδα ὁ Βενιζέλος, ἡ μεγάλη πλειοψηφία τοῦ λαοῦ τὸν ὑπεδέχθη μὲ ἐνθουσιασμόν.

Ὑπῆρξεν πολιτικὸς μεγάλης ἐμβελείας, ἐπιτυχὼν τὸν διπλασιασμὸν τῆς Ἑλλάδος καὶ τὴν ἀναγνώρισιν αὐτῆς ὡς σεβαστῆς δυνάμεως.

Ποτὲ δὲν ἐπαύσαμεν νὰ πιστεύωμεν εἰς τὰς ἰδέας του καὶ νὰ ἀγωνιζώμεθα διὰ τὴν πραγματοποίησιν αὐτῶν.

ΓΕΩΡΓΙΟΣ ΠΑΠΑΝΔΡΕΟΥ

Αὔγουστος 1964
